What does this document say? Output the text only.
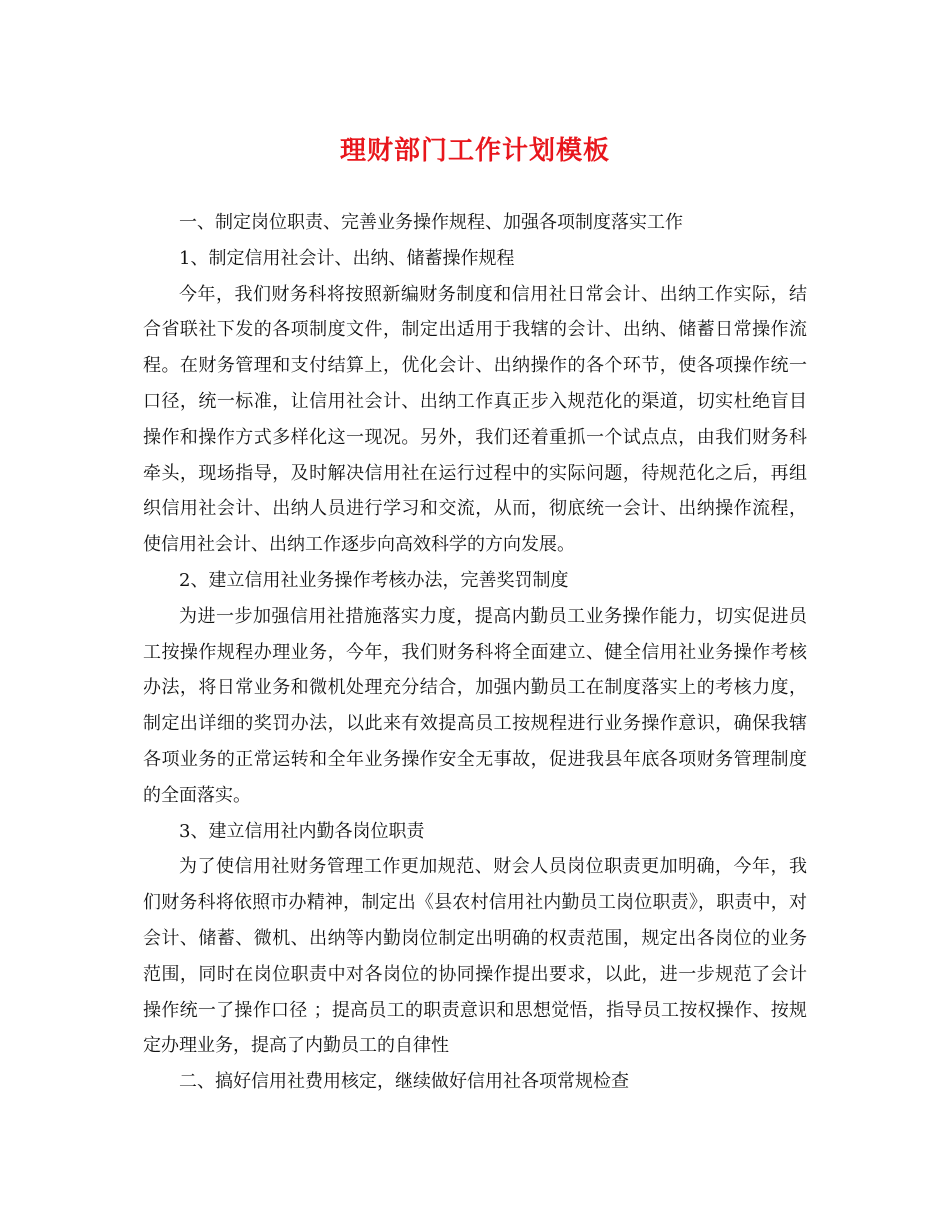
理财部门工作计划模板

一、制定岗位职责、完善业务操作规程、加强各项制度落实工作

1、制定信用社会计、出纳、储蓄操作规程

今年，我们财务科将按照新编财务制度和信用社日常会计、出纳工作实际，结合省联社下发的各项制度文件，制定出适用于我辖的会计、出纳、储蓄日常操作流程。在财务管理和支付结算上，优化会计、出纳操作的各个环节，使各项操作统一口径，统一标准，让信用社会计、出纳工作真正步入规范化的渠道，切实杜绝盲目操作和操作方式多样化这一现况。另外，我们还着重抓一个试点点，由我们财务科牵头，现场指导，及时解决信用社在运行过程中的实际问题，待规范化之后，再组织信用社会计、出纳人员进行学习和交流，从而，彻底统一会计、出纳操作流程，使信用社会计、出纳工作逐步向高效科学的方向发展。

2、建立信用社业务操作考核办法，完善奖罚制度

为进一步加强信用社措施落实力度，提高内勤员工业务操作能力，切实促进员工按操作规程办理业务，今年，我们财务科将全面建立、健全信用社业务操作考核办法，将日常业务和微机处理充分结合，加强内勤员工在制度落实上的考核力度，制定出详细的奖罚办法，以此来有效提高员工按规程进行业务操作意识，确保我辖各项业务的正常运转和全年业务操作安全无事故，促进我县年底各项财务管理制度的全面落实。

3、建立信用社内勤各岗位职责

为了使信用社财务管理工作更加规范、财会人员岗位职责更加明确，今年，我们财务科将依照市办精神，制定出《县农村信用社内勤员工岗位职责》，职责中，对会计、储蓄、微机、出纳等内勤岗位制定出明确的权责范围，规定出各岗位的业务范围，同时在岗位职责中对各岗位的协同操作提出要求，以此，进一步规范了会计操作统一了操作口径 ；提高员工的职责意识和思想觉悟，指导员工按权操作、按规定办理业务，提高了内勤员工的自律性

二、搞好信用社费用核定，继续做好信用社各项常规检查
